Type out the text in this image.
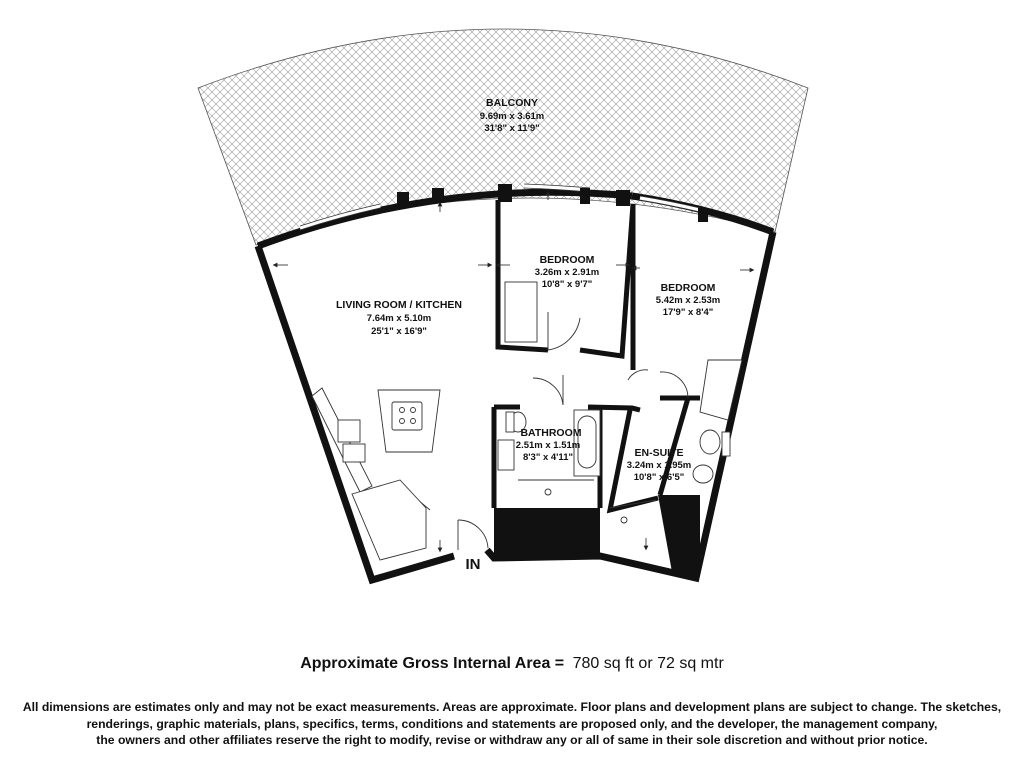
BALCONY
9.69m x 3.61m
31'8" x 11'9"
LIVING ROOM / KITCHEN
7.64m x 5.10m
25'1" x 16'9"
BEDROOM
3.26m x 2.91m
10'8" x 9'7"	BEDROOM
5.42m x 2.53m
17'9" x 8'4"
BATHROOM
2.51m x 1.51m
8'3" x 4'11"	EN-SUITE
3.24m x 1.95m
10'8" x 6'5"
IN
Approximate Gross Internal Area = 780 sq ft or 72 sq mtr
All dimensions are estimates only and may not be exact measurements. Areas are approximate. Floor plans and development plans are subject to change. The sketches,
renderings, graphic materials, plans, specifics, terms, conditions and statements are proposed only, and the developer, the management company,
the owners and other affiliates reserve the right to modify, revise or withdraw any or all of same in their sole discretion and without prior notice.
